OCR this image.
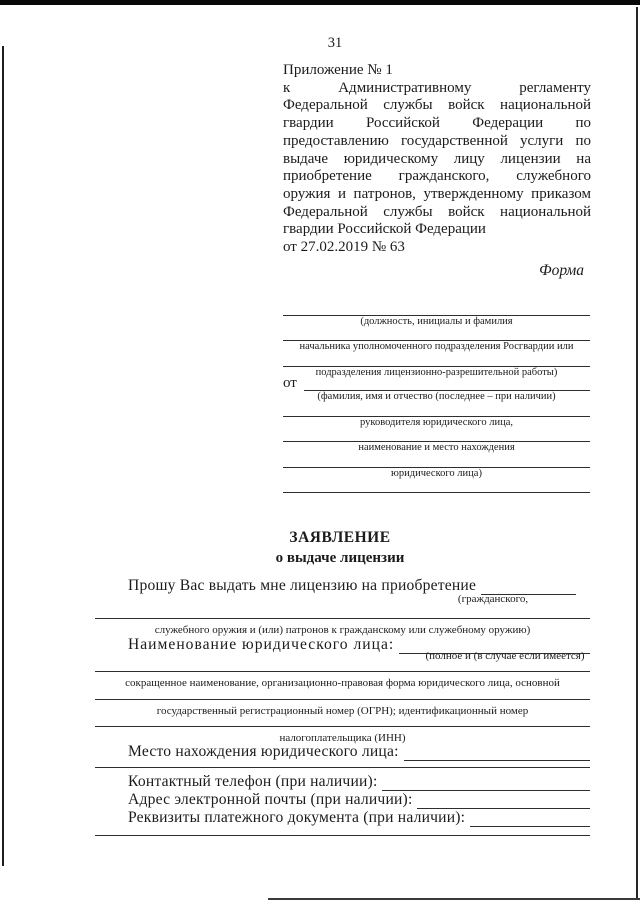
31
Приложение № 1
к Административному регламенту
Федеральной службы войск национальной
гвардии Российской Федерации по
предоставлению государственной услуги по
выдаче юридическому лицу лицензии на
приобретение гражданского, служебного
оружия и патронов, утвержденному приказом
Федеральной службы войск национальной
гвардии Российской Федерации
от 27.02.2019 № 63
Форма
(должность, инициалы и фамилия
начальника уполномоченного подразделения Росгвардии или
подразделения лицензионно-разрешительной работы)
от
(фамилия, имя и отчество (последнее – при наличии)
руководителя юридического лица,
наименование и место нахождения
юридического лица)
ЗАЯВЛЕНИЕ
о выдаче лицензии
Прошу Вас выдать мне лицензию на приобретение
(гражданского,
служебного оружия и (или) патронов к гражданскому или служебному оружию)
Наименование юридического лица:
(полное и (в случае если имеется)
сокращенное наименование, организационно-правовая форма юридического лица, основной
государственный регистрационный номер (ОГРН); идентификационный номер
налогоплательщика (ИНН)
Место нахождения юридического лица:
Контактный телефон (при наличии):
Адрес электронной почты (при наличии):
Реквизиты платежного документа (при наличии):
